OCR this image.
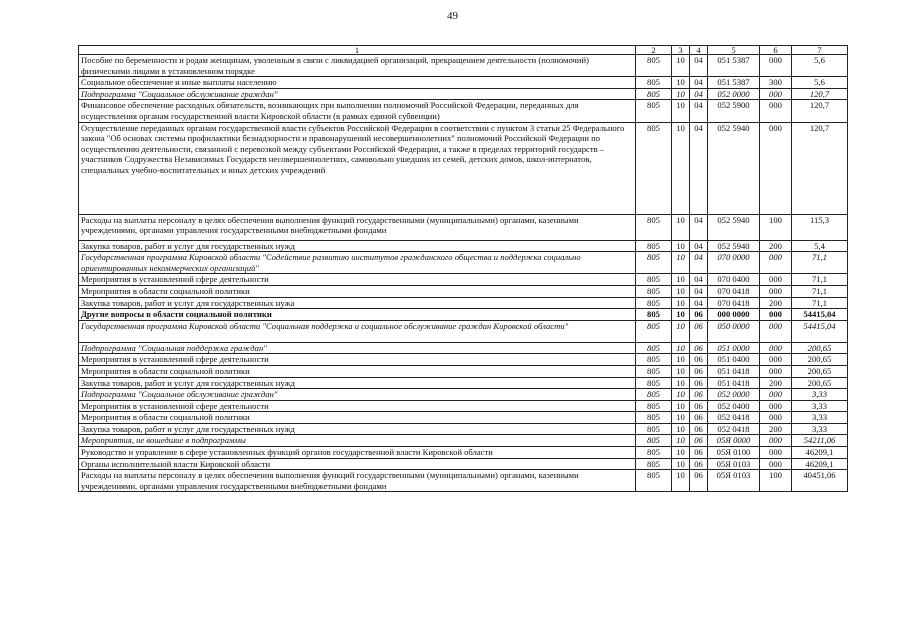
49
1	2	3	4	5	6	7
Пособие по беременности и родам женщинам, уволенным в связи с ликвидацией организаций, прекращением деятельности (полномочий) физическими лицами в установленном порядке	805	10	04	051 5387	000	5,6
Социальное обеспечение и иные выплаты населению	805	10	04	051 5387	300	5,6
Подпрограмма "Социальное обслуживание граждан"	805	10	04	052 0000	000	120,7
Финансовое обеспечение расходных обязательств, возникающих при выполнении полномочий Российской Федерации, переданных для осуществления органам государственной власти Кировской области (в рамках единой субвенции)	805	10	04	052 5900	000	120,7
Осуществление переданных органам государственной власти субъектов Российской Федерации в соответствии с пунктом 3 статьи 25 Федерального закона "Об основах системы профилактики безнадзорности и правонарушений несовершеннолетних" полномочий Российской Федерации по осуществлению деятельности, связанной с перевозкой между субъектами Российской Федерации, а также в пределах территорий государств – участников Содружества Независимых Государств несовершеннолетних, самовольно ушедших из семей, детских домов, школ-интернатов, специальных учебно-воспитательных и иных детских учреждений	805	10	04	052 5940	000	120,7
Расходы на выплаты персоналу в целях обеспечения выполнения функций государственными (муниципальными) органами, казенными учреждениями, органами управления государственными внебюджетными фондами	805	10	04	052 5940	100	115,3
Закупка товаров, работ и услуг для государственных нужд	805	10	04	052 5940	200	5,4
Государственная программа Кировской области "Содействие развитию институтов гражданского общества и поддержка социально ориентированных некоммерческих организаций"	805	10	04	070 0000	000	71,1
Мероприятия в установленной сфере деятельности	805	10	04	070 0400	000	71,1
Мероприятия в области социальной политики	805	10	04	070 0418	000	71,1
Закупка товаров, работ и услуг для государственных нужа	805	10	04	070 0418	200	71,1
Другие вопросы в области социальной политики	805	10	06	000 0000	000	54415,04
Государственная программа Кировской области "Социальная поддержка и социальное обслуживание граждан Кировской области"	805	10	06	050 0000	000	54415,04
Подпрограмма "Социальная поддержка граждан"	805	10	06	051 0000	000	200,65
Мероприятия в установленной сфере деятельности	805	10	06	051 0400	000	200,65
Мероприятия в области социальной политики	805	10	06	051 0418	000	200,65
Закупка товаров, работ и услуг для государственных нужд	805	10	06	051 0418	200	200,65
Подпрограмма "Социальное обслуживание граждан"	805	10	06	052 0000	000	3,33
Мероприятия в установленной сфере деятельности	805	10	06	052 0400	000	3,33
Мероприятия в области социальной политики	805	10	06	052 0418	000	3,33
Закупка товаров, работ и услуг для государственных нужд	805	10	06	052 0418	200	3,33
Мероприятия, не вошедшие в подпрограммы	805	10	06	05Я 0000	000	54211,06
Руководство и управление в сфере установленных функций органов государственной власти Кировской области	805	10	06	05Я 0100	000	46209,1
Органы исполнительной власти Кировской области	805	10	06	05Я 0103	000	46209,1
Расходы на выплаты персоналу в целях обеспечения выполнения функций государственными (муниципальными) органами, казенными учреждениями, органами управления государственными внебюджетными фондами	805	10	06	05Я 0103	100	40451,06
